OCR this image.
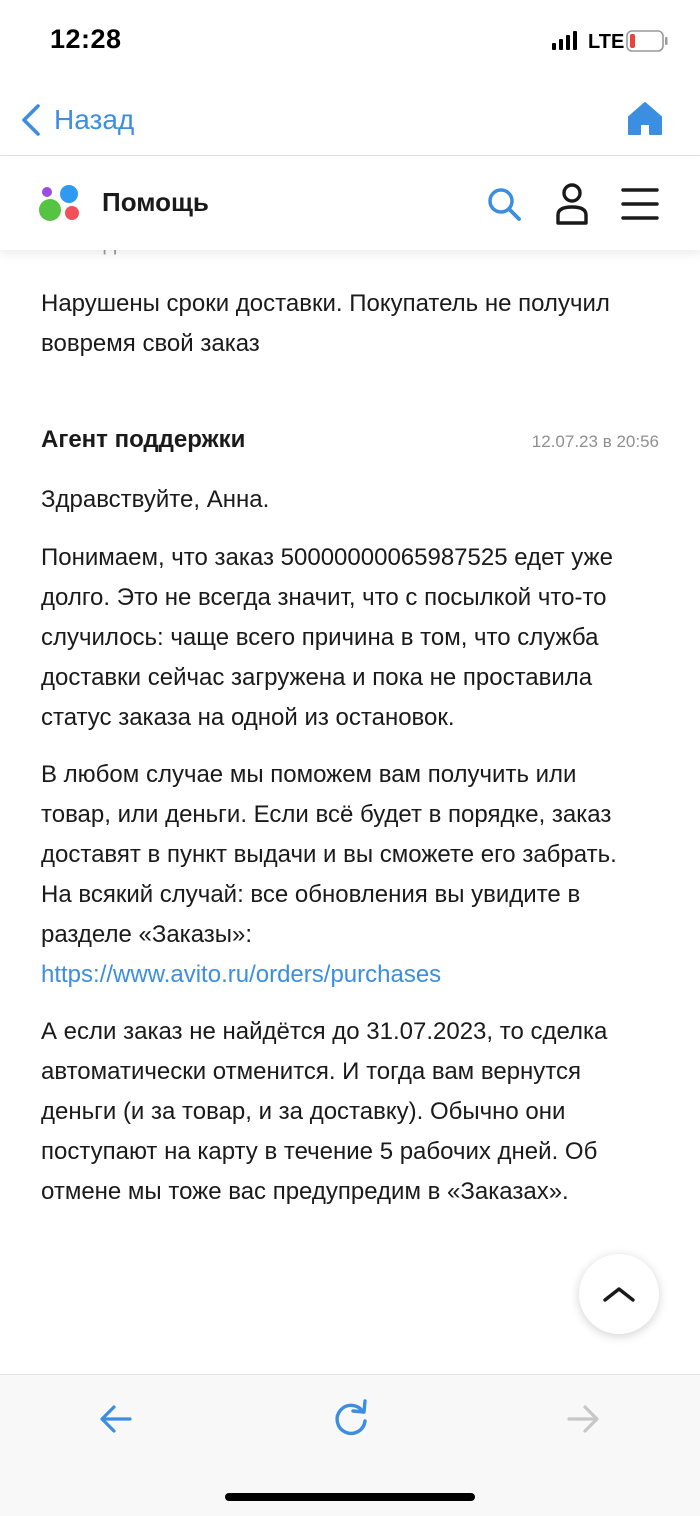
12:28	LTE
Назад
Помощь
Нарушены сроки доставки. Покупатель не получил вовремя свой заказ
Агент поддержки	12.07.23 в 20:56

Здравствуйте, Анна.

Понимаем, что заказ 50000000065987525 едет уже долго. Это не всегда значит, что с посылкой что-то случилось: чаще всего причина в том, что служба доставки сейчас загружена и пока не проставила статус заказа на одной из остановок.

В любом случае мы поможем вам получить или товар, или деньги. Если всё будет в порядке, заказ доставят в пункт выдачи и вы сможете его забрать. На всякий случай: все обновления вы увидите в разделе «Заказы»: https://www.avito.ru/orders/purchases

А если заказ не найдётся до 31.07.2023, то сделка автоматически отменится. И тогда вам вернутся деньги (и за товар, и за доставку). Обычно они поступают на карту в течение 5 рабочих дней. Об отмене мы тоже вас предупредим в «Заказах».
